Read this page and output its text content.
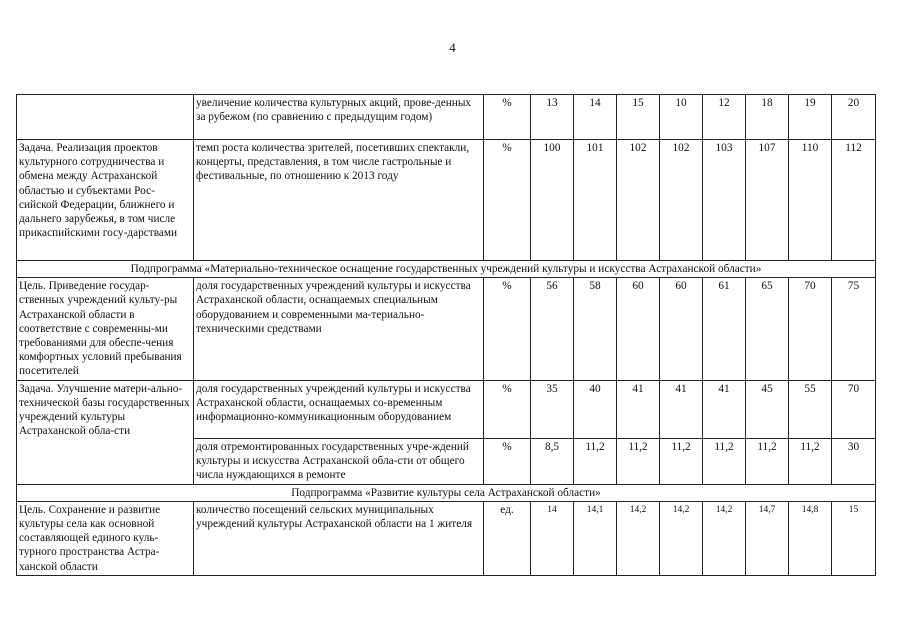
4
	увеличение количества культурных акций, прове-денных за рубежом (по сравнению с предыдущим годом)	%	13	14	15	10	12	18	19	20
Задача. Реализация проектов культурного сотрудничества и обмена между Астраханской областью и субъектами Рос-сийской Федерации, ближнего и дальнего зарубежья, в том числе прикаспийскими госу-дарствами	темп роста количества зрителей, посетивших спектакли, концерты, представления, в том числе гастрольные и фестивальные, по отношению к 2013 году	%	100	101	102	102	103	107	110	112
Подпрограмма «Материально-техническое оснащение государственных учреждений культуры и искусства Астраханской области»										
Цель. Приведение государ-ственных учреждений культу-ры Астраханской области в соответствие с современны-ми требованиями для обеспе-чения комфортных условий пребывания посетителей	доля государственных учреждений культуры и искусства Астраханской области, оснащаемых специальным оборудованием и современными ма-териально-техническими средствами	%	56	58	60	60	61	65	70	75
Задача. Улучшение матери-ально-технической базы государственных учреждений культуры Астраханской обла-сти	доля государственных учреждений культуры и искусства Астраханской области, оснащаемых со-временным информационно-коммуникационным оборудованием	%	35	40	41	41	41	45	55	70
	доля отремонтированных государственных учре-ждений культуры и искусства Астраханской обла-сти от общего числа нуждающихся в ремонте	%	8,5	11,2	11,2	11,2	11,2	11,2	11,2	30
Подпрограмма «Развитие культуры села Астраханской области»										
Цель. Сохранение и развитие культуры села как основной составляющей единого куль-турного пространства Астра-ханской области	количество посещений сельских муниципальных учреждений культуры Астраханской области на 1 жителя	ед.	14	14,1	14,2	14,2	14,2	14,7	14,8	15
